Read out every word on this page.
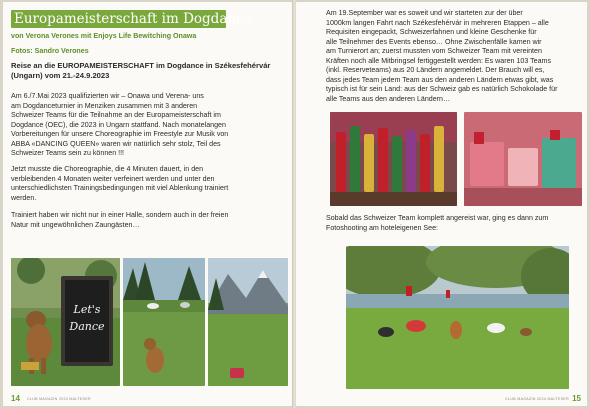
Europameisterschaft im Dogdance
von Verona Verones mit Enjoys Life Bewitching Onawa
Fotos: Sandro Verones
Reise an die EUROPAMEISTERSCHAFT im Dogdance in Székesfehérvár (Ungarn) vom 21.-24.9.2023
Am 6./7.Mai 2023 qualifizierten wir – Onawa und Verena- uns
am Dogdanceturnier in Menziken zusammen mit 3 anderen
Schweizer Teams für die Teilnahme an der Europameisterschaft im
Dogdance (OEC), die 2023 in Ungarn stattfand. Nach monatelangen
Vorbereitungen für unsere Choreographie im Freestyle zur Musik von
ABBA «DANCING QUEEN» waren wir natürlich sehr stolz, Teil des
Schweizer Teams sein zu können !!!
Jetzt musste die Choreographie, die 4 Minuten dauert, in den
verbleibenden 4 Monaten weiter verfeinert werden und unter den
unterschiedlichsten Trainingsbedingungen mit viel Ablenkung trainiert
werden.
Trainiert haben wir nicht nur in einer Halle, sondern auch in der freien
Natur mit ungewöhnlichen Zaungästen…
Let's
Dance
14 CLUB MAGAZIN 2024 MALTESER
Am 19.September war es soweit und wir starteten zur der über
1000km langen Fahrt nach Székesfehérvár in mehreren Etappen – alle
Requisiten eingepackt, Schweizerfahnen und kleine Geschenke für
alle Teilnehmer des Events ebenso… Ohne Zwischenfälle kamen wir
am Turnierort an; zuerst mussten vom Schweizer Team mit vereinten
Kräften noch alle Mitbringsel fertiggestellt werden: Es waren 103 Teams
(inkl. Reserveteams) aus 20 Ländern angemeldet. Der Brauch will es,
dass jedes Team jedem Team aus den anderen Ländern etwas gibt, was
typisch ist für sein Land: aus der Schweiz gab es natürlich Schokolade für
alle Teams aus den anderen Ländern…
Sobald das Schweizer Team komplett angereist war, ging es dann zum
Fotoshooting am hoteleigenen See:
CLUB MAGAZIN 2024 MALTESER 15
